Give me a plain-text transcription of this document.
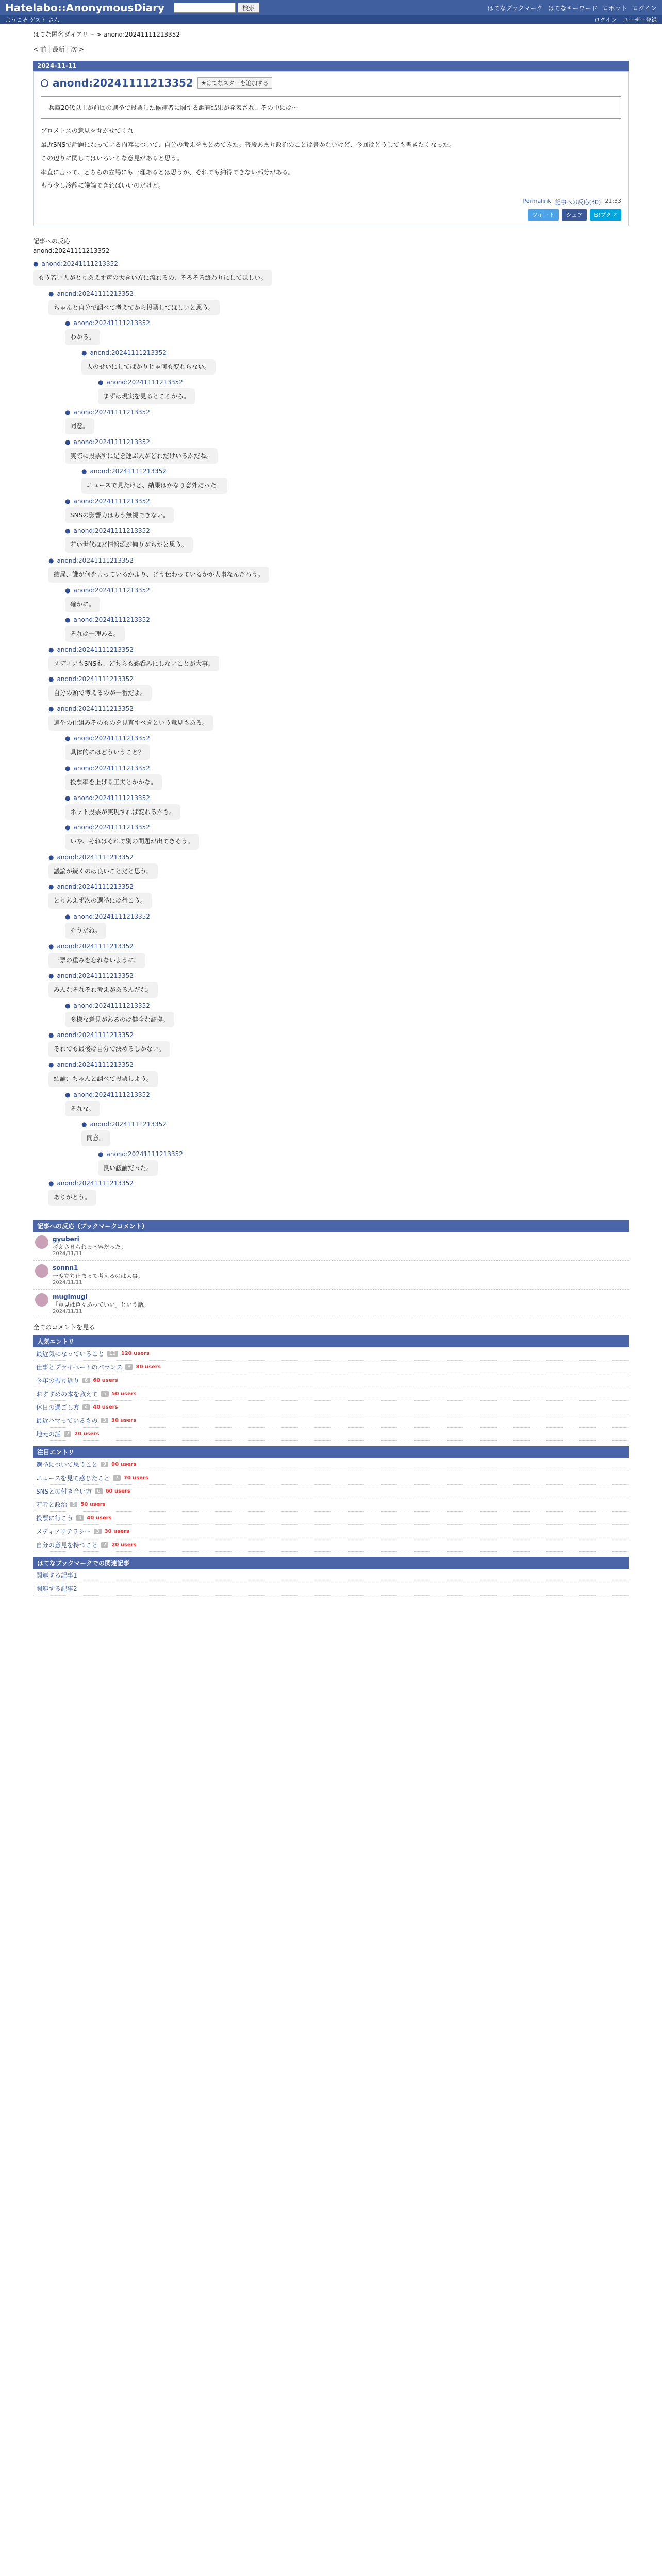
Hatelabo::AnonymousDiary	検索	はてなブックマーク はてなキーワード ロボット ログイン
ようこそ ゲスト さん	ログイン ユーザー登録
はてな匿名ダイアリー > anond:20241111213352
< 前 | 最新 | 次 >
2024-11-11
anond:20241111213352	★はてなスターを追加する
兵庫20代以上が前回の選挙で投票した候補者に関する調査結果が発表され、その中には〜

プロメトスの意見を聞かせてくれ

最近SNSで話題になっている内容について、自分の考えをまとめてみた。普段あまり政治のことは書かないけど、今回はどうしても書きたくなった。

この辺りに関してはいろいろな意見があると思う。

率直に言って、どちらの立場にも一理あるとは思うが、それでも納得できない部分がある。

もう少し冷静に議論できればいいのだけど。

Permalink 記事への反応(30) 21:33
ツイート	シェア	B!ブクマ
記事への反応
anond:20241111213352
● anond:20241111213352
もう若い人がとりあえず声の大きい方に流れるの、そろそろ終わりにしてほしい。
● anond:20241111213352
ちゃんと自分で調べて考えてから投票してほしいと思う。
● anond:20241111213352
わかる。
● anond:20241111213352
人のせいにしてばかりじゃ何も変わらない。
● anond:20241111213352
まずは現実を見るところから。
● anond:20241111213352
同意。
● anond:20241111213352
実際に投票所に足を運ぶ人がどれだけいるかだね。
● anond:20241111213352
ニュースで見たけど、結果はかなり意外だった。
● anond:20241111213352
SNSの影響力はもう無視できない。
● anond:20241111213352
若い世代ほど情報源が偏りがちだと思う。
● anond:20241111213352
結局、誰が何を言っているかより、どう伝わっているかが大事なんだろう。
● anond:20241111213352
確かに。
● anond:20241111213352
それは一理ある。
● anond:20241111213352
メディアもSNSも、どちらも鵜呑みにしないことが大事。
● anond:20241111213352
自分の頭で考えるのが一番だよ。
● anond:20241111213352
選挙の仕組みそのものを見直すべきという意見もある。
● anond:20241111213352
具体的にはどういうこと？
● anond:20241111213352
投票率を上げる工夫とかかな。
● anond:20241111213352
ネット投票が実現すれば変わるかも。
● anond:20241111213352
いや、それはそれで別の問題が出てきそう。
● anond:20241111213352
議論が続くのは良いことだと思う。
● anond:20241111213352
とりあえず次の選挙には行こう。
● anond:20241111213352
そうだね。
● anond:20241111213352
一票の重みを忘れないように。
● anond:20241111213352
みんなそれぞれ考えがあるんだな。
● anond:20241111213352
多様な意見があるのは健全な証拠。
● anond:20241111213352
それでも最後は自分で決めるしかない。
● anond:20241111213352
結論：ちゃんと調べて投票しよう。
● anond:20241111213352
それな。
● anond:20241111213352
同意。
● anond:20241111213352
良い議論だった。
● anond:20241111213352
ありがとう。
記事への反応（ブックマークコメント）
gyuberi
考えさせられる内容だった。
2024/11/11
sonnn1
一度立ち止まって考えるのは大事。
2024/11/11
mugimugi
「意見は色々あっていい」という話。
2024/11/11
全てのコメントを見る
人気エントリ
最近気になっていること	12	120 users
仕事とプライベートのバランス	8	80 users
今年の振り返り	6	60 users
おすすめの本を教えて	5	50 users
休日の過ごし方	4	40 users
最近ハマっているもの	3	30 users
地元の話	2	20 users
注目エントリ
選挙について思うこと	9	90 users
ニュースを見て感じたこと	7	70 users
SNSとの付き合い方	6	60 users
若者と政治	5	50 users
投票に行こう	4	40 users
メディアリテラシー	3	30 users
自分の意見を持つこと	2	20 users
はてなブックマークでの関連記事
関連する記事1
関連する記事2
